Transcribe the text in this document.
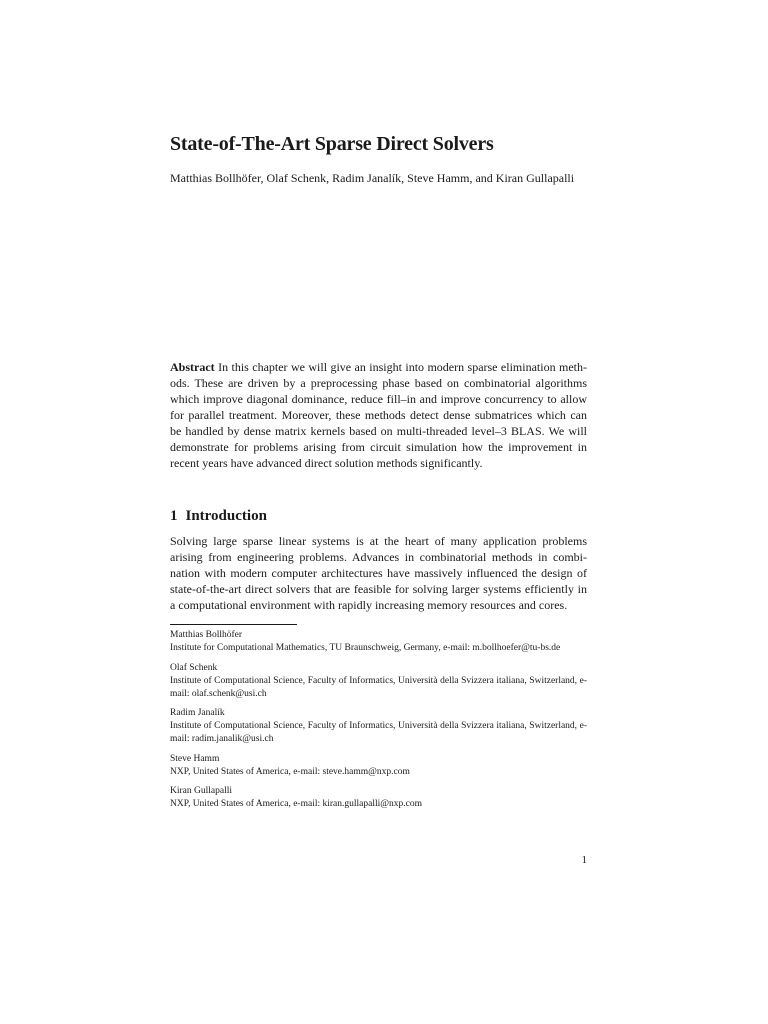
State-of-The-Art Sparse Direct Solvers
Matthias Bollhöfer, Olaf Schenk, Radim Janalík, Steve Hamm, and Kiran Gullapalli

Abstract In this chapter we will give an insight into modern sparse elimination methods. These are driven by a preprocessing phase based on combinatorial algorithms which improve diagonal dominance, reduce fill–in and improve concurrency to allow for parallel treatment. Moreover, these methods detect dense submatrices which can be handled by dense matrix kernels based on multi-threaded level–3 BLAS. We will demonstrate for problems arising from circuit simulation how the improvement in recent years have advanced direct solution methods significantly.

1 Introduction

Solving large sparse linear systems is at the heart of many application problems arising from engineering problems. Advances in combinatorial methods in combination with modern computer architectures have massively influenced the design of state-of-the-art direct solvers that are feasible for solving larger systems efficiently in a computational environment with rapidly increasing memory resources and cores.

Matthias Bollhöfer
Institute for Computational Mathematics, TU Braunschweig, Germany, e-mail: m.bollhoefer@tu-bs.de

Olaf Schenk
Institute of Computational Science, Faculty of Informatics, Università della Svizzera italiana, Switzerland, e-mail: olaf.schenk@usi.ch

Radim Janalík
Institute of Computational Science, Faculty of Informatics, Università della Svizzera italiana, Switzerland, e-mail: radim.janalik@usi.ch

Steve Hamm
NXP, United States of America, e-mail: steve.hamm@nxp.com

Kiran Gullapalli
NXP, United States of America, e-mail: kiran.gullapalli@nxp.com

1
